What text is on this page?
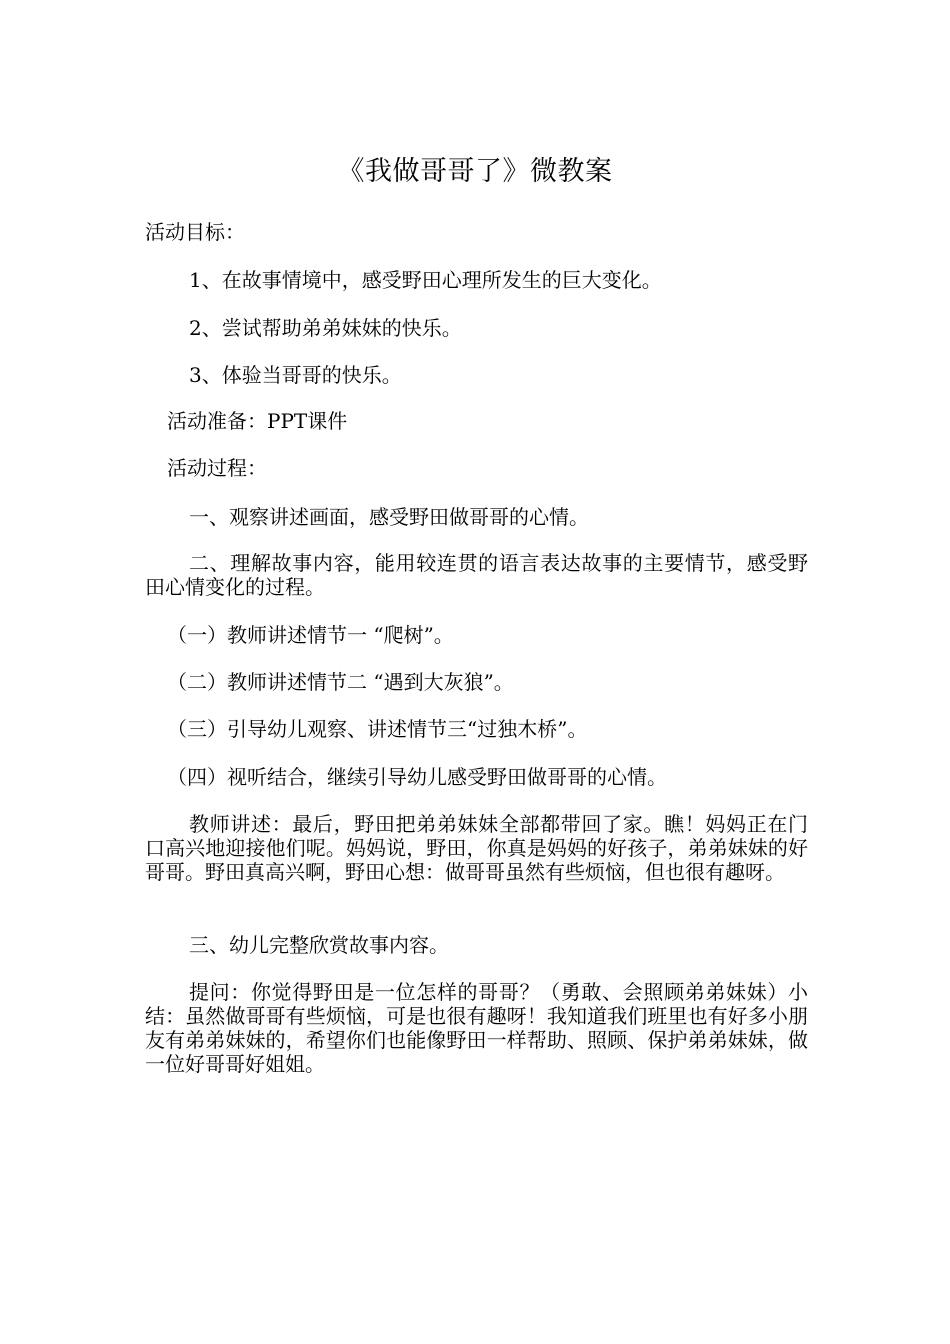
《我做哥哥了》微教案
活动目标：
1、在故事情境中，感受野田心理所发生的巨大变化。
2、尝试帮助弟弟妹妹的快乐。
3、体验当哥哥的快乐。
活动准备：PPT课件
活动过程：
一、观察讲述画面，感受野田做哥哥的心情。
二、理解故事内容，能用较连贯的语言表达故事的主要情节，感受野田心情变化的过程。
（一）教师讲述情节一 “爬树”。
（二）教师讲述情节二 “遇到大灰狼”。
（三）引导幼儿观察、讲述情节三“过独木桥”。
（四）视听结合，继续引导幼儿感受野田做哥哥的心情。
教师讲述：最后，野田把弟弟妹妹全部都带回了家。瞧！妈妈正在门口高兴地迎接他们呢。妈妈说，野田，你真是妈妈的好孩子，弟弟妹妹的好哥哥。野田真高兴啊，野田心想：做哥哥虽然有些烦恼，但也很有趣呀。
三、幼儿完整欣赏故事内容。
提问：你觉得野田是一位怎样的哥哥？（勇敢、会照顾弟弟妹妹）小结：虽然做哥哥有些烦恼，可是也很有趣呀！我知道我们班里也有好多小朋友有弟弟妹妹的，希望你们也能像野田一样帮助、照顾、保护弟弟妹妹，做一位好哥哥好姐姐。
